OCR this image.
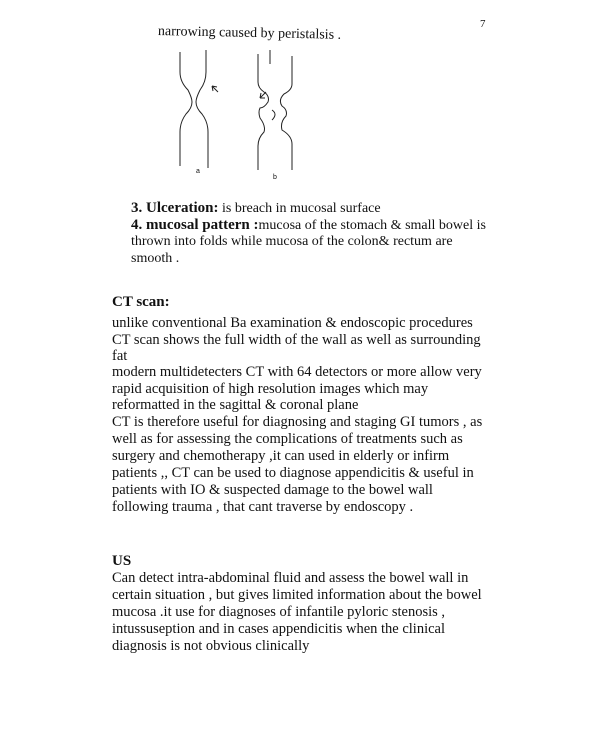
7
narrowing caused by peristalsis .
a
b
3. Ulceration: is breach in mucosal surface
4. mucosal pattern :mucosa of the stomach & small bowel is
thrown into folds while mucosa of the colon& rectum are
smooth .
CT scan:
unlike conventional Ba examination & endoscopic procedures
CT scan shows the full width of the wall as well as surrounding
fat
modern multidetecters CT with 64 detectors or more allow very
rapid acquisition of high resolution images which may
reformatted in the sagittal & coronal plane
CT is therefore useful for diagnosing and staging GI tumors , as
well as for assessing the complications of treatments such as
surgery and chemotherapy ,it can used in elderly or infirm
patients ,, CT can be used to diagnose appendicitis & useful in
patients with IO & suspected damage to the bowel wall
following trauma , that cant traverse by endoscopy .
US
Can detect intra-abdominal fluid and assess the bowel wall in
certain situation , but gives limited information about the bowel
mucosa .it use for diagnoses of infantile pyloric stenosis ,
intussuseption and in cases appendicitis when the clinical
diagnosis is not obvious clinically
